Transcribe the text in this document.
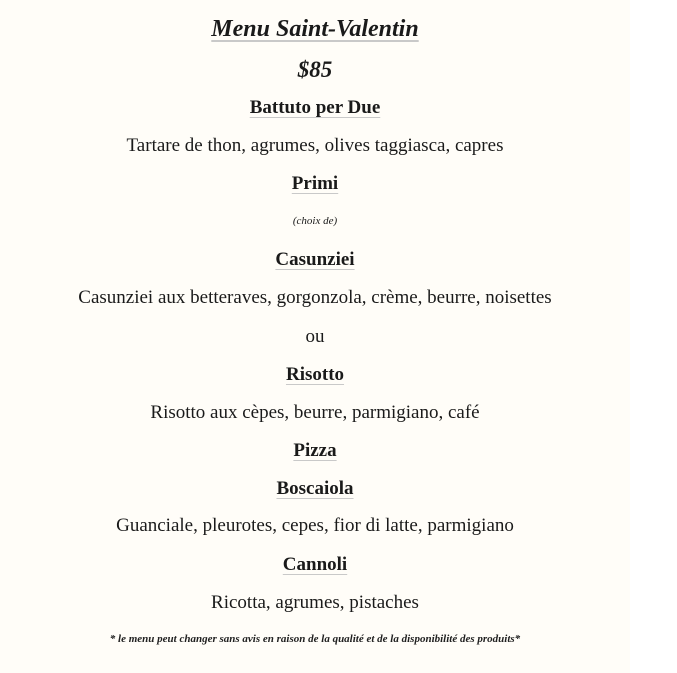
Menu Saint-Valentin
$85
Battuto per Due
Tartare de thon, agrumes, olives taggiasca, capres
Primi
(choix de)
Casunziei
Casunziei aux betteraves, gorgonzola, crème, beurre, noisettes
ou
Risotto
Risotto aux cèpes, beurre, parmigiano, café
Pizza
Boscaiola
Guanciale, pleurotes, cepes, fior di latte, parmigiano
Cannoli
Ricotta, agrumes, pistaches
* le menu peut changer sans avis en raison de la qualité et de la disponibilité des produits*
